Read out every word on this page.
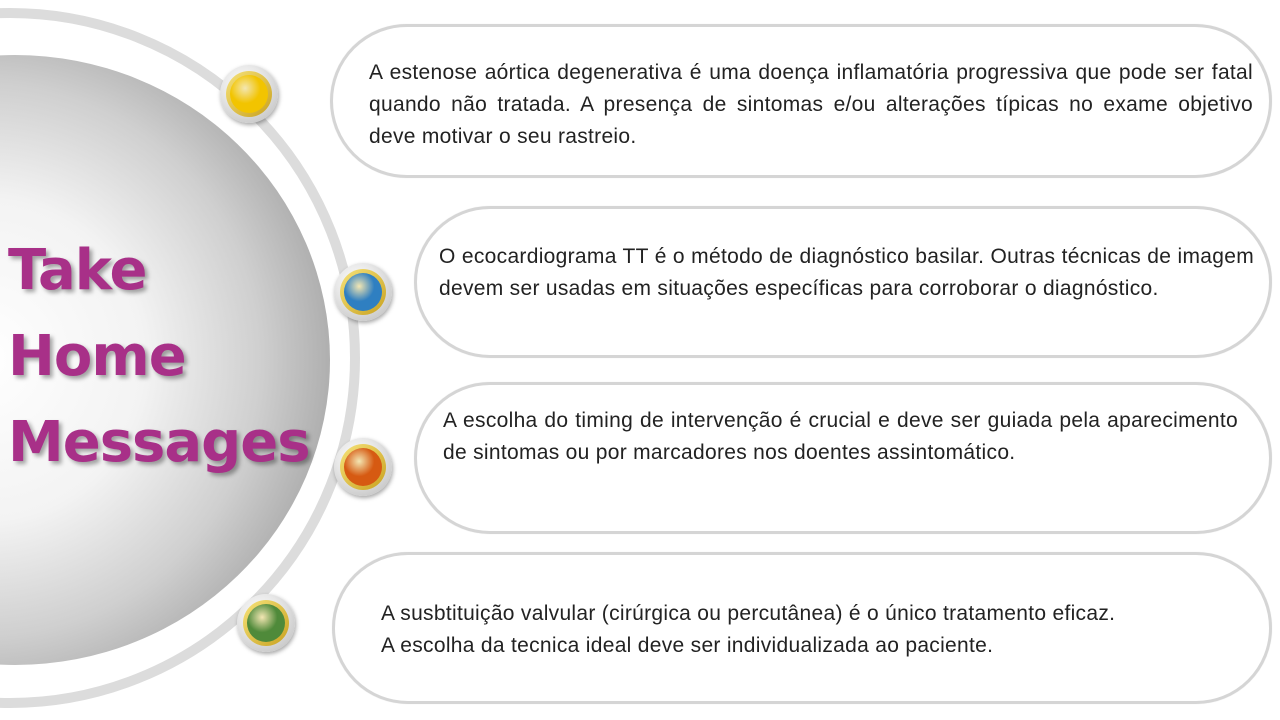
Take
Home
Messages

A estenose aórtica degenerativa é uma doença inflamatória progressiva que pode ser fatal quando não tratada. A presença de sintomas e/ou alterações típicas no exame objetivo deve motivar o seu rastreio.

O ecocardiograma TT é o método de diagnóstico basilar. Outras técnicas de imagem devem ser usadas em situações específicas para corroborar o diagnóstico.

A escolha do timing de intervenção é crucial e deve ser guiada pela aparecimento de sintomas ou por marcadores nos doentes assintomático.

A susbtituição valvular (cirúrgica ou percutânea) é o único tratamento eficaz.

A escolha da tecnica ideal deve ser individualizada ao paciente.
